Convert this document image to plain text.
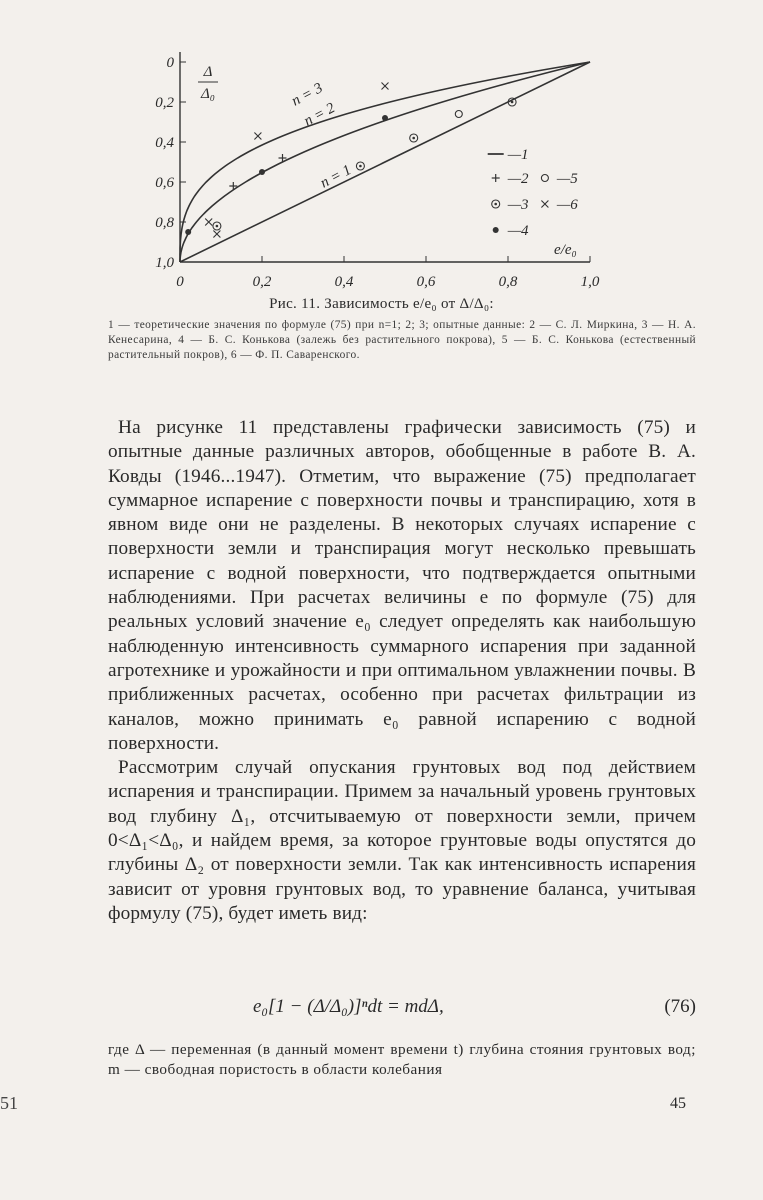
0
0,2
0,4
0,6
0,8
1,0
0	0,2	0,4	0,6	0,8	1,0
Δ
Δ₀
e/e₀
n = 3
n = 2
n = 1
—1
—2 —5
—3 —6
—4
Рис. 11. Зависимость e/e₀ от Δ/Δ₀:
1 — теоретические значения по формуле (75) при n=1; 2; 3; опытные данные: 2 — С. Л. Миркина, 3 — Н. А. Кенесарина, 4 — Б. С. Конькова (залежь без растительного покрова), 5 — Б. С. Конькова (естественный растительный покров), 6 — Ф. П. Саваренского.

На рисунке 11 представлены графически зависимость (75) и опытные данные различных авторов, обобщенные в работе В. А. Ковды (1946...1947). Отметим, что выражение (75) предполагает суммарное испарение с поверхности почвы и транспирацию, хотя в явном виде они не разделены. В некоторых случаях испарение с поверхности земли и транспирация могут несколько превышать испарение с водной поверхности, что подтверждается опытными наблюдениями. При расчетах величины e по формуле (75) для реальных условий значение e₀ следует определять как наибольшую наблюденную интенсивность суммарного испарения при заданной агротехнике и урожайности и при оптимальном увлажнении почвы. В приближенных расчетах, особенно при расчетах фильтрации из каналов, можно принимать e₀ равной испарению с водной поверхности.

Рассмотрим случай опускания грунтовых вод под действием испарения и транспирации. Примем за начальный уровень грунтовых вод глубину Δ₁, отсчитываемую от поверхности земли, причем 0<Δ₁<Δ₀, и найдем время, за которое грунтовые воды опустятся до глубины Δ₂ от поверхности земли. Так как интенсивность испарения зависит от уровня грунтовых вод, то уравнение баланса, учитывая формулу (75), будет иметь вид:

e₀[1 − (Δ/Δ₀)]ⁿdt = mdΔ,	(76)
где Δ — переменная (в данный момент времени t) глубина стояния грунтовых вод; m — свободная пористость в области колебания
45
51
